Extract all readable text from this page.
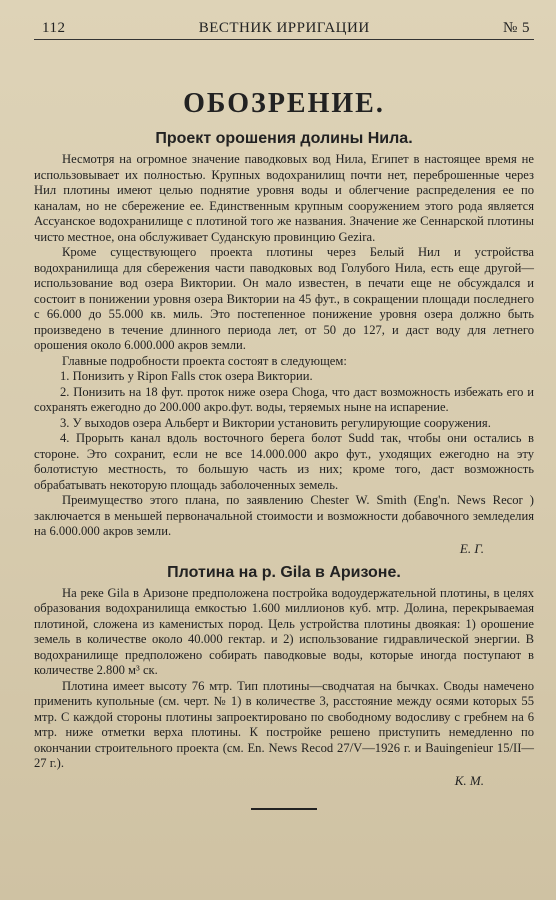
112	ВЕСТНИК ИРРИГАЦИИ	№ 5
ОБОЗРЕНИЕ.
Проект орошения долины Нила.

Несмотря на огромное значение паводковых вод Нила, Египет в настоящее время не использовывает их полностью. Крупных водохранилищ почти нет, переброшенные через Нил плотины имеют целью поднятие уровня воды и облегчение распределения ее по каналам, но не сбережение ее. Единственным крупным сооружением этого рода является Ассуанское водохранилище с плотиной того же названия. Значение же Сеннарской плотины чисто местное, она обслуживает Суданскую провинцию Gezira.

Кроме существующего проекта плотины через Белый Нил и устройства водохранилища для сбережения части паводковых вод Голубого Нила, есть еще другой—использование вод озера Виктории. Он мало известен, в печати еще не обсуждался и состоит в понижении уровня озера Виктории на 45 фут., в сокращении площади последнего с 66.000 до 55.000 кв. миль. Это постепенное понижение уровня озера должно быть произведено в течение длинного периода лет, от 50 до 127, и даст воду для летнего орошения около 6.000.000 акров земли.

Главные подробности проекта состоят в следующем:

1. Понизить у Ripon Falls сток озера Виктории.

2. Понизить на 18 фут. проток ниже озера Choga, что даст возможность избежать его и сохранять ежегодно до 200.000 акро.фут. воды, теряемых ныне на испарение.

3. У выходов озера Альберт и Виктории установить регулирующие сооружения.

4. Прорыть канал вдоль восточного берега болот Sudd так, чтобы они остались в стороне. Это сохранит, если не все 14.000.000 акро фут., уходящих ежегодно на эту болотистую местность, то большую часть из них; кроме того, даст возможность обрабатывать некоторую площадь заболоченных земель.

Преимущество этого плана, по заявлению Chester W. Smith (Eng'n. News Recor ) заключается в меньшей первоначальной стоимости и возможности добавочного земледелия на 6.000.000 акров земли.

Е. Г.
Плотина на р. Gila в Аризоне.

На реке Gila в Аризоне предположена постройка водоудержательной плотины, в целях образования водохранилища емкостью 1.600 миллионов куб. мтр. Долина, перекрываемая плотиной, сложена из каменистых пород. Цель устройства плотины двоякая: 1) орошение земель в количестве около 40.000 гектар. и 2) использование гидравлической энергии. В водохранилище предположено собирать паводковые воды, которые иногда поступают в количестве 2.800 м³ ск.

Плотина имеет высоту 76 мтр. Тип плотины—сводчатая на бычках. Своды намечено применить купольные (см. черт. № 1) в количестве 3, расстояние между осями которых 55 мтр. С каждой стороны плотины запроектировано по свободному водосливу с гребнем на 6 мтр. ниже отметки верха плотины. К постройке решено приступить немедленно по окончании строительного проекта (см. En. News Recod 27/V—1926 г. и Bauingenieur 15/II—27 г.).

К. М.
